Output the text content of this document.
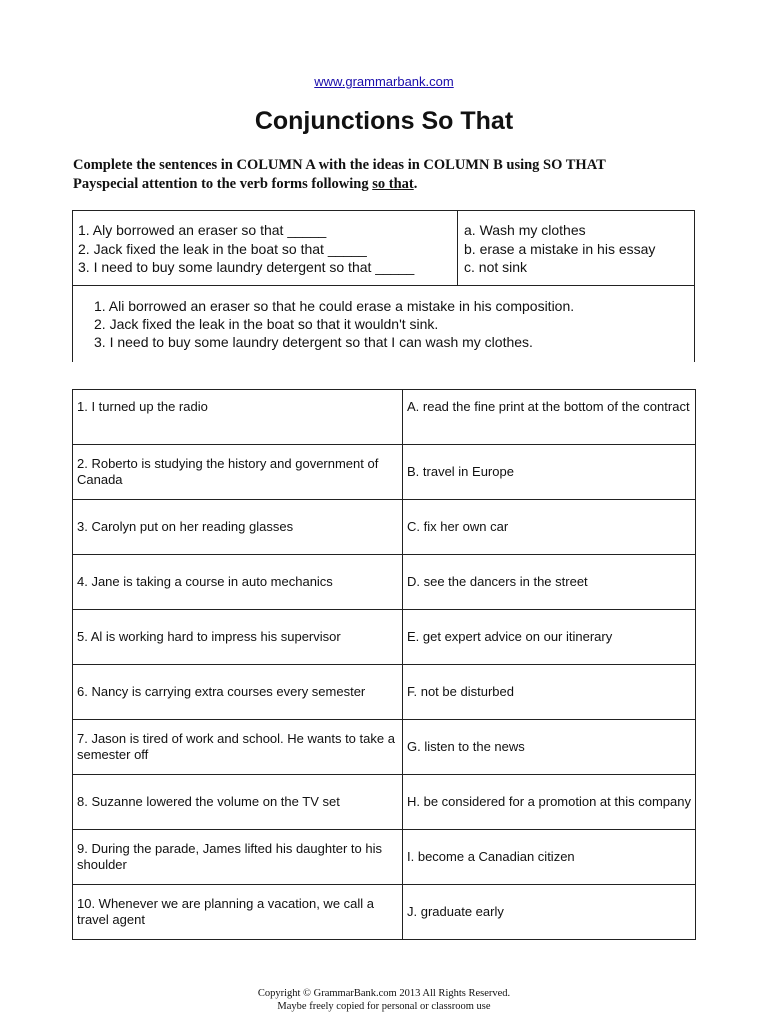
www.grammarbank.com
Conjunctions So That
Complete the sentences in COLUMN A with the ideas in COLUMN B using SO THAT
Payspecial attention to the verb forms following so that.
1. Aly borrowed an eraser so that _____
2. Jack fixed the leak in the boat so that _____
3. I need to buy some laundry detergent so that _____
a. Wash my clothes
b. erase a mistake in his essay
c. not sink
1. Ali borrowed an eraser so that he could erase a mistake in his composition.
2. Jack fixed the leak in the boat so that it wouldn't sink.
3. I need to buy some laundry detergent so that I can wash my clothes.
1. I turned up the radio	A. read the fine print at the bottom of the contract
2. Roberto is studying the history and government of Canada	B. travel in Europe
3. Carolyn put on her reading glasses	C. fix her own car
4. Jane is taking a course in auto mechanics	D. see the dancers in the street
5. Al is working hard to impress his supervisor	E. get expert advice on our itinerary
6. Nancy is carrying extra courses every semester	F. not be disturbed
7. Jason is tired of work and school. He wants to take a semester off	G. listen to the news
8. Suzanne lowered the volume on the TV set	H. be considered for a promotion at this company
9. During the parade, James lifted his daughter to his shoulder	I. become a Canadian citizen
10. Whenever we are planning a vacation, we call a travel agent	J. graduate early
Copyright © GrammarBank.com 2013 All Rights Reserved.
Maybe freely copied for personal or classroom use
